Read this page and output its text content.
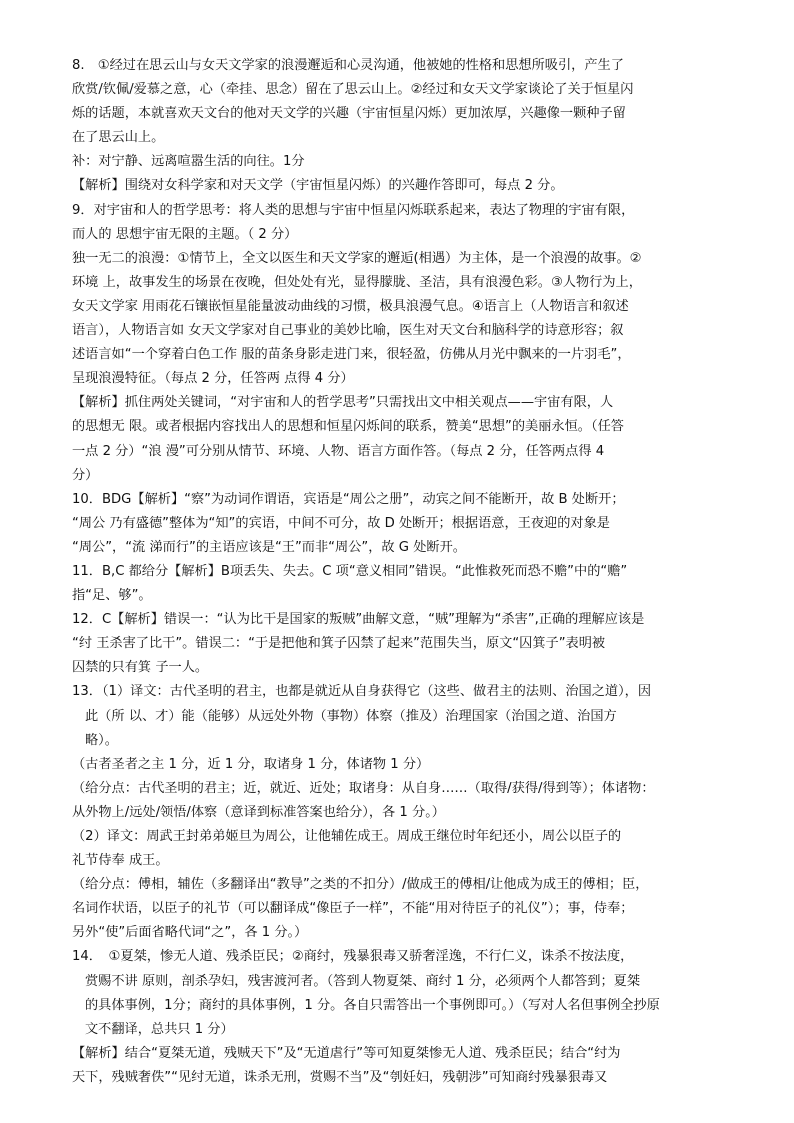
8.　①经过在思云山与女天文学家的浪漫邂逅和心灵沟通，他被她的性格和思想所吸引，产生了

欣赏/钦佩/爱慕之意，心（牵挂、思念）留在了思云山上。②经过和女天文学家谈论了关于恒星闪

烁的话题，本就喜欢天文台的他对天文学的兴趣（宇宙恒星闪烁）更加浓厚，兴趣像一颗种子留

在了思云山上。

补：对宁静、远离喧嚣生活的向往。1分

【解析】围绕对女科学家和对天文学（宇宙恒星闪烁）的兴趣作答即可，每点 2 分。

9．对宇宙和人的哲学思考：将人类的思想与宇宙中恒星闪烁联系起来，表达了物理的宇宙有限，

而人的 思想宇宙无限的主题。（ 2 分）

独一无二的浪漫：①情节上，全文以医生和天文学家的邂逅(相遇）为主体，是一个浪漫的故事。②

环境 上，故事发生的场景在夜晚，但处处有光，显得朦胧、圣洁，具有浪漫色彩。③人物行为上，

女天文学家 用雨花石镶嵌恒星能量波动曲线的习惯，极具浪漫气息。④语言上（人物语言和叙述

语言），人物语言如 女天文学家对自己事业的美妙比喻，医生对天文台和脑科学的诗意形容；叙

述语言如“一个穿着白色工作 服的苗条身影走进门来，很轻盈，仿佛从月光中飘来的一片羽毛”，

呈现浪漫特征。（每点 2 分，任答两 点得 4 分）

【解析】抓住两处关键词，“对宇宙和人的哲学思考”只需找出文中相关观点——宇宙有限，人

的思想无 限。或者根据内容找出人的思想和恒星闪烁间的联系，赞美“思想”的美丽永恒。（任答

一点 2 分）“浪 漫”可分别从情节、环境、人物、语言方面作答。（每点 2 分，任答两点得 4

分）

10．BDG【解析】“察”为动词作谓语，宾语是“周公之册”，动宾之间不能断开，故 B 处断开；

“周公 乃有盛德”整体为“知”的宾语，中间不可分，故 D 处断开；根据语意，王夜迎的对象是

“周公”，“流 涕而行”的主语应该是“王”而非“周公”，故 G 处断开。

11．B,C 都给分【解析】B项丢失、失去。C 项“意义相同”错误。“此惟救死而恐不赡”中的“赡”

指“足、够”。

12．C【解析】错误一：“认为比干是国家的叛贼”曲解文意，“贼”理解为“杀害”,正确的理解应该是

“纣 王杀害了比干”。错误二：“于是把他和箕子囚禁了起来”范围失当，原文“囚箕子”表明被

囚禁的只有箕 子一人。

13．（1）译文：古代圣明的君主，也都是就近从自身获得它（这些、做君主的法则、治国之道），因

此（所 以、才）能（能够）从远处外物（事物）体察（推及）治理国家（治国之道、治国方

略）。

（古者圣者之主 1 分，近 1 分，取诸身 1 分，体诸物 1 分）

（给分点：古代圣明的君主；近，就近、近处；取诸身：从自身……（取得/获得/得到等）；体诸物：

从外物上/远处/领悟/体察（意译到标准答案也给分），各 1 分。）

（2）译文：周武王封弟弟姬旦为周公，让他辅佐成王。周成王继位时年纪还小，周公以臣子的

礼节侍奉 成王。

（给分点：傅相，辅佐（多翻译出“教导”之类的不扣分）/做成王的傅相/让他成为成王的傅相；臣，

名词作状语，以臣子的礼节（可以翻译成“像臣子一样”，不能“用对待臣子的礼仪”）；事，侍奉；

另外“使”后面省略代词“之”，各 1 分。）

14．　①夏桀，惨无人道、残杀臣民；②商纣，残暴狠毒又骄奢淫逸，不行仁义，诛杀不按法度，

赏赐不讲 原则，剖杀孕妇，残害渡河者。（答到人物夏桀、商纣 1 分，必须两个人都答到；夏桀

的具体事例，1分；商纣的具体事例，1 分。各自只需答出一个事例即可。）（写对人名但事例全抄原

文不翻译，总共只 1 分）

【解析】结合“夏桀无道，残贼天下”及“无道虐行”等可知夏桀惨无人道、残杀臣民；结合“纣为

天下，残贼奢佚”“见纣无道，诛杀无刑，赏赐不当”及“刳妊妇，残朝涉”可知商纣残暴狠毒又
